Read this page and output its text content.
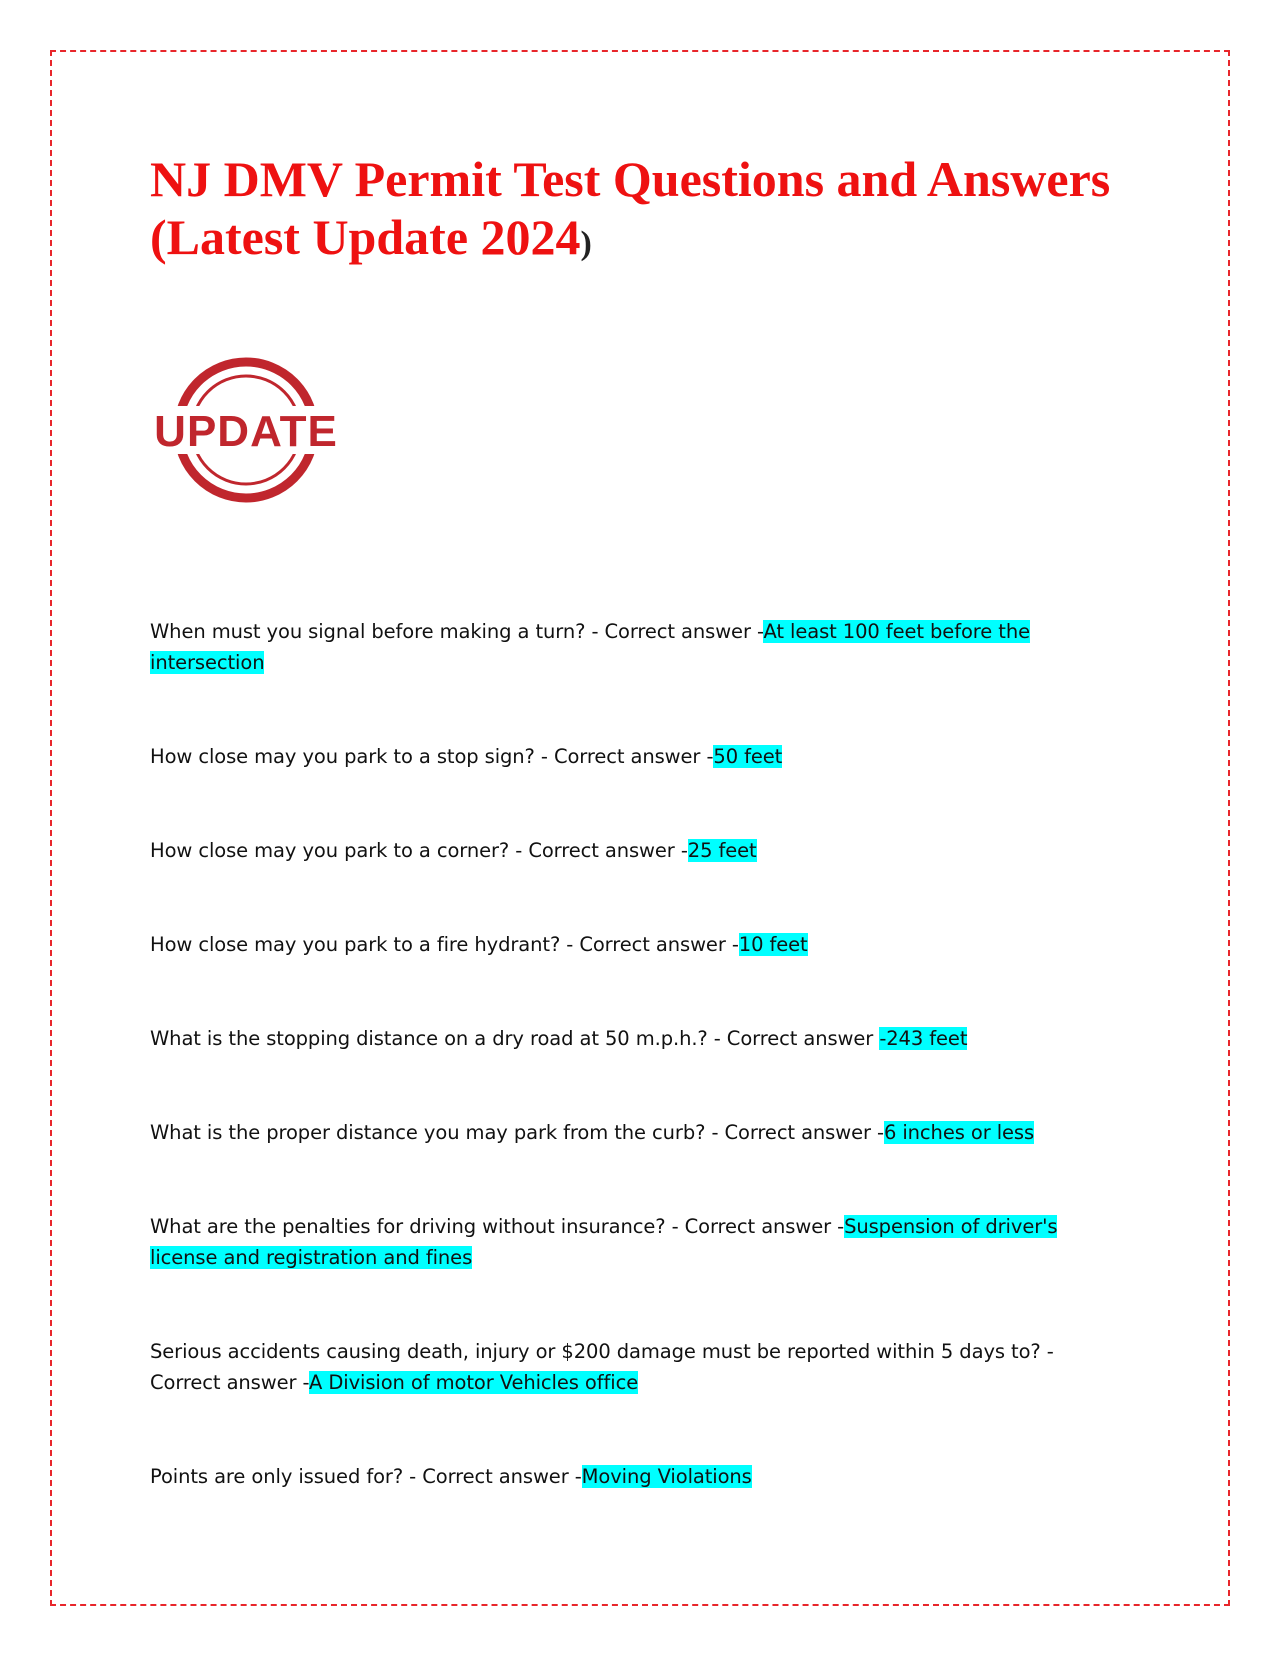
NJ DMV Permit Test Questions and Answers (Latest Update 2024)
UPDATE
When must you signal before making a turn? - Correct answer -At least 100 feet before the intersection
How close may you park to a stop sign? - Correct answer -50 feet
How close may you park to a corner? - Correct answer -25 feet
How close may you park to a fire hydrant? - Correct answer -10 feet
What is the stopping distance on a dry road at 50 m.p.h.? - Correct answer -243 feet
What is the proper distance you may park from the curb? - Correct answer -6 inches or less
What are the penalties for driving without insurance? - Correct answer -Suspension of driver's license and registration and fines
Serious accidents causing death, injury or $200 damage must be reported within 5 days to? - Correct answer -A Division of motor Vehicles office
Points are only issued for? - Correct answer -Moving Violations
